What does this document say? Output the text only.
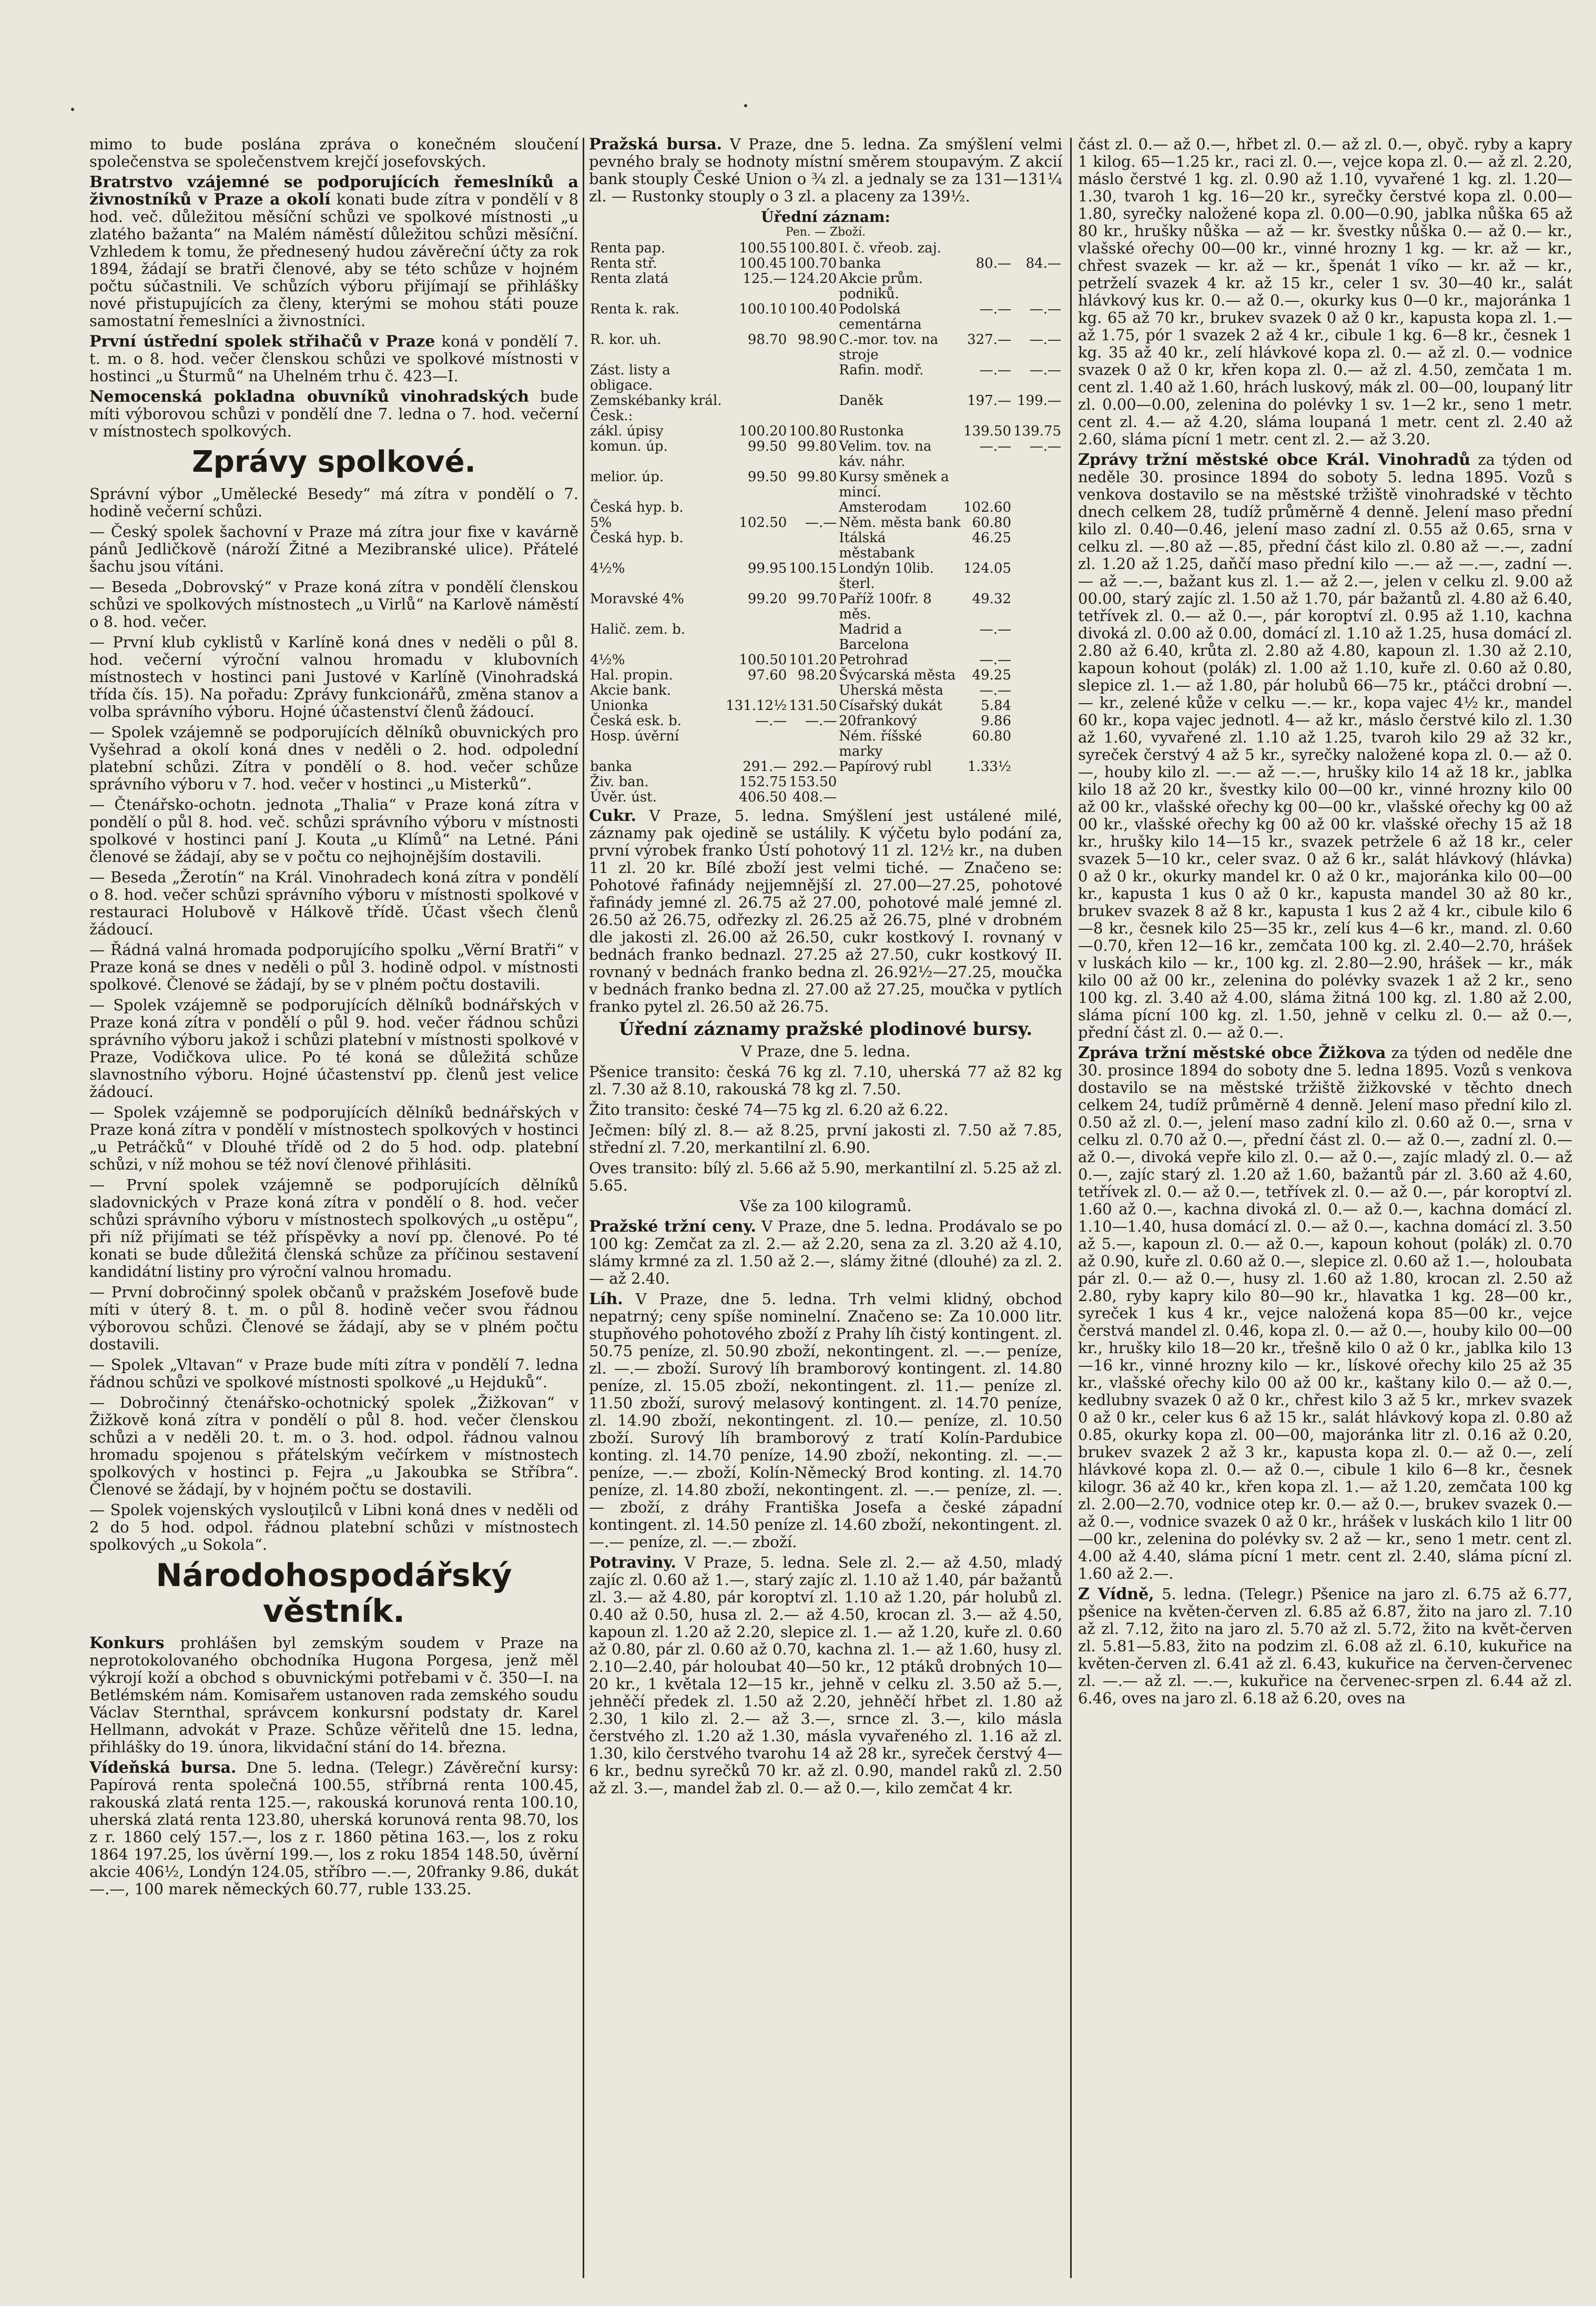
mimo to bude poslána zpráva o konečném sloučení společenstva se společenstvem krejčí josefovských.

Bratrstvo vzájemné se podporujících řemeslníků a živnostníků v Praze a okolí konati bude zítra v pondělí v 8 hod. več. důležitou měsíční schůzi ve spolkové místnosti „u zlatého bažanta“ na Malém náměstí důležitou schůzi měsíční. Vzhledem k tomu, že přednesený hudou závěreční účty za rok 1894, žádají se bratři členové, aby se této schůze v hojném počtu súčastnili. Ve schůzích výboru přijímají se přihlášky nové přistupujících za členy, kterými se mohou státi pouze samostatní řemeslníci a živnostníci.

První ústřední spolek střihačů v Praze koná v pondělí 7. t. m. o 8. hod. večer členskou schůzi ve spolkové místnosti v hostinci „u Šturmů“ na Uhelném trhu č. 423—I.

Nemocenská pokladna obuvníků vinohradských bude míti výborovou schůzi v pondělí dne 7. ledna o 7. hod. večerní v místnostech spolkových.

Zprávy spolkové.

Správní výbor „Umělecké Besedy“ má zítra v pondělí o 7. hodině večerní schůzi.

— Český spolek šachovní v Praze má zítra jour fixe v kavárně pánů Jedličkově (nároží Žitné a Mezibranské ulice). Přátelé šachu jsou vítáni.

— Beseda „Dobrovský“ v Praze koná zítra v pondělí členskou schůzi ve spolkových místnostech „u Virlů“ na Karlově náměstí o 8. hod. večer.

— První klub cyklistů v Karlíně koná dnes v neděli o půl 8. hod. večerní výroční valnou hromadu v klubovních místnostech v hostinci pani Justové v Karlíně (Vinohradská třída čís. 15). Na pořadu: Zprávy funkcionářů, změna stanov a volba správního výboru. Hojné účastenství členů žádoucí.

— Spolek vzájemně se podporujících dělníků obuvnických pro Vyšehrad a okolí koná dnes v neděli o 2. hod. odpolední platební schůzi. Zítra v pondělí o 8. hod. večer schůze správního výboru v 7. hod. večer v hostinci „u Misterků“.

— Čtenářsko-ochotn. jednota „Thalia“ v Praze koná zítra v pondělí o půl 8. hod. več. schůzi správního výboru v místnosti spolkové v hostinci paní J. Kouta „u Klímů“ na Letné. Páni členové se žádají, aby se v počtu co nejhojnějším dostavili.

— Beseda „Žerotín“ na Král. Vinohradech koná zítra v pondělí o 8. hod. večer schůzi správního výboru v místnosti spolkové v restauraci Holubově v Hálkově třídě. Účast všech členů žádoucí.

— Řádná valná hromada podporujícího spolku „Věrní Bratři“ v Praze koná se dnes v neděli o půl 3. hodině odpol. v místnosti spolkové. Členové se žádají, by se v plném počtu dostavili.

— Spolek vzájemně se podporujících dělníků bodnářských v Praze koná zítra v pondělí o půl 9. hod. večer řádnou schůzi správního výboru jakož i schůzi platební v místnosti spolkové v Praze, Vodičkova ulice. Po té koná se důležitá schůze slavnostního výboru. Hojné účastenství pp. členů jest velice žádoucí.

— Spolek vzájemně se podporujících dělníků bednářských v Praze koná zítra v pondělí v místnostech spolkových v hostinci „u Petráčků“ v Dlouhé třídě od 2 do 5 hod. odp. platební schůzi, v níž mohou se též noví členové přihlásiti.

— První spolek vzájemně se podporujících dělníků sladovnických v Praze koná zítra v pondělí o 8. hod. večer schůzi správního výboru v místnostech spolkových „u ostěpu“, při níž přijímati se též příspěvky a noví pp. členové. Po té konati se bude důležitá členská schůze za příčinou sestavení kandidátní listiny pro výroční valnou hromadu.

— První dobročinný spolek občanů v pražském Josefově bude míti v úterý 8. t. m. o půl 8. hodině večer svou řádnou výborovou schůzi. Členové se žádají, aby se v plném počtu dostavili.

— Spolek „Vltavan“ v Praze bude míti zítra v pondělí 7. ledna řádnou schůzi ve spolkové místnosti spolkové „u Hejduků“.

— Dobročinný čtenářsko-ochotnický spolek „Žižkovan“ v Žižkově koná zítra v pondělí o půl 8. hod. večer členskou schůzi a v neděli 20. t. m. o 3. hod. odpol. řádnou valnou hromadu spojenou s přátelským večírkem v místnostech spolkových v hostinci p. Fejra „u Jakoubka se Stříbra“. Členové se žádají, by v hojném počtu se dostavili.

— Spolek vojenských vyslouţilců v Libni koná dnes v neděli od 2 do 5 hod. odpol. řádnou platební schůzi v místnostech spolkových „u Sokola“.

Národohospodářský věstník.

Konkurs prohlášen byl zemským soudem v Praze na neprotokolovaného obchodníka Hugona Porgesa, jenž měl výkrojí koží a obchod s obuvnickými potřebami v č. 350—I. na Betlémském nám. Komisařem ustanoven rada zemského soudu Václav Sternthal, správcem konkursní podstaty dr. Karel Hellmann, advokát v Praze. Schůze věřitelů dne 15. ledna, přihlášky do 19. února, likvidační stání do 14. března.

Vídeňská bursa. Dne 5. ledna. (Telegr.) Závěreční kursy: Papírová renta společná 100.55, stříbrná renta 100.45, rakouská zlatá renta 125.—, rakouská korunová renta 100.10, uherská zlatá renta 123.80, uherská korunová renta 98.70, los z r. 1860 celý 157.—, los z r. 1860 pětina 163.—, los z roku 1864 197.25, los úvěrní 199.—, los z roku 1854 148.50, úvěrní akcie 406½, Londýn 124.05, stříbro —.—, 20franky 9.86, dukát —.—, 100 marek německých 60.77, ruble 133.25.

Pražská bursa. V Praze, dne 5. ledna. Za smýšlení velmi pevného braly se hodnoty místní směrem stoupavým. Z akcií bank stouply České Union o ¾ zl. a jednaly se za 131—131¼ zl. — Rustonky stouply o 3 zl. a placeny za 139½.

Úřední záznam:
Pen. — Zboží.
Renta pap.	100.55	100.80	I. č. vřeob. zaj.		
Renta stř.	100.45	100.70	banka	80.—	84.—
Renta zlatá	125.—	124.20	Akcie prům. podniků.		
Renta k. rak.	100.10	100.40	Podolská cementárna	—.—	—.—
R. kor. uh.	98.70	98.90	C.-mor. tov. na stroje	327.—	—.—
Zást. listy a obligace.			Rafin. modř.	—.—	—.—
Zemskébanky král. Česk.:			Daněk	197.—	199.—
zákl. úpisy	100.20	100.80	Rustonka	139.50	139.75
komun. úp.	99.50	99.80	Velim. tov. na káv. náhr.	—.—	—.—
melior. úp.	99.50	99.80	Kursy směnek a mincí.		
Česká hyp. b.			Amsterodam	102.60	
5%	102.50	—.—	Něm. města bank	60.80	
Česká hyp. b.			Itálská městabank	46.25	
4½%	99.95	100.15	Londýn 10lib. šterl.	124.05	
Moravské 4%	99.20	99.70	Paříž 100fr. 8 měs.	49.32	
Halič. zem. b.			Madrid a Barcelona	—.—	
4½%	100.50	101.20	Petrohrad	—.—	
Hal. propin.	97.60	98.20	Švýcarská města	49.25	
Akcie bank.			Uherská města	—.—	
Unionka	131.12½	131.50	Císařský dukát	5.84	
Česká esk. b.	—.—	—.—	20frankový	9.86	
Hosp. úvěrní			Ném. říšské marky	60.80	
banka	291.—	292.—	Papírový rubl	1.33½	
Živ. ban.	152.75	153.50			
Úvěr. úst.	406.50	408.—			

Cukr. V Praze, 5. ledna. Smýšlení jest ustálené milé, záznamy pak ojedině se ustálily. K výčetu bylo podání za, první výrobek franko Ústí pohotový 11 zl. 12½ kr., na duben 11 zl. 20 kr. Bílé zboží jest velmi tiché. — Značeno se: Pohotové řafinády nejjemnější zl. 27.00—27.25, pohotové řafinády jemné zl. 26.75 až 27.00, pohotové malé jemné zl. 26.50 až 26.75, odřezky zl. 26.25 až 26.75, plné v drobném dle jakosti zl. 26.00 až 26.50, cukr kostkový I. rovnaný v bednách franko bednazl. 27.25 až 27.50, cukr kostkový II. rovnaný v bednách franko bedna zl. 26.92½—27.25, moučka v bednách franko bedna zl. 27.00 až 27.25, moučka v pytlích franko pytel zl. 26.50 až 26.75.

Úřední záznamy pražské plodinové bursy.

V Praze, dne 5. ledna.

Pšenice transito: česká 76 kg zl. 7.10, uherská 77 až 82 kg zl. 7.30 až 8.10, rakouská 78 kg zl. 7.50.

Žito transito: české 74—75 kg zl. 6.20 až 6.22.

Ječmen: bílý zl. 8.— až 8.25, první jakosti zl. 7.50 až 7.85, střední zl. 7.20, merkantilní zl. 6.90.

Oves transito: bílý zl. 5.66 až 5.90, merkantilní zl. 5.25 až zl. 5.65.

Vše za 100 kilogramů.

Pražské tržní ceny. V Praze, dne 5. ledna. Prodávalo se po 100 kg: Zemčat za zl. 2.— až 2.20, sena za zl. 3.20 až 4.10, slámy krmné za zl. 1.50 až 2.—, slámy žitné (dlouhé) za zl. 2.— až 2.40.

Líh. V Praze, dne 5. ledna. Trh velmi klidný, obchod nepatrný; ceny spíše nominelní. Značeno se: Za 10.000 litr. stupňového pohotového zboží z Prahy líh čistý kontingent. zl. 50.75 peníze, zl. 50.90 zboží, nekontingent. zl. —.— peníze, zl. —.— zboží. Surový líh bramborový kontingent. zl. 14.80 peníze, zl. 15.05 zboží, nekontingent. zl. 11.— peníze zl. 11.50 zboží, surový melasový kontingent. zl. 14.70 peníze, zl. 14.90 zboží, nekontingent. zl. 10.— peníze, zl. 10.50 zboží. Surový líh bramborový z tratí Kolín-Pardubice konting. zl. 14.70 peníze, 14.90 zboží, nekonting. zl. —.— peníze, —.— zboží, Kolín-Německý Brod konting. zl. 14.70 peníze, zl. 14.80 zboží, nekontingent. zl. —.— peníze, zl. —.— zboží, z dráhy Františka Josefa a české západní kontingent. zl. 14.50 peníze zl. 14.60 zboží, nekontingent. zl. —.— peníze, zl. —.— zboží.

Potraviny. V Praze, 5. ledna. Sele zl. 2.— až 4.50, mladý zajíc zl. 0.60 až 1.—, starý zajíc zl. 1.10 až 1.40, pár bažantů zl. 3.— až 4.80, pár koroptví zl. 1.10 až 1.20, pár holubů zl. 0.40 až 0.50, husa zl. 2.— až 4.50, krocan zl. 3.— až 4.50, kapoun zl. 1.20 až 2.20, slepice zl. 1.— až 1.20, kuře zl. 0.60 až 0.80, pár zl. 0.60 až 0.70, kachna zl. 1.— až 1.60, husy zl. 2.10—2.40, pár holoubat 40—50 kr., 12 ptáků drobných 10—20 kr., 1 květala 12—15 kr., jehně v celku zl. 3.50 až 5.—, jehněčí předek zl. 1.50 až 2.20, jehněčí hřbet zl. 1.80 až 2.30, 1 kilo zl. 2.— až 3.—, srnce zl. 3.—, kilo másla čerstvého zl. 1.20 až 1.30, másla vyvařeného zl. 1.16 až zl. 1.30, kilo čerstvého tvarohu 14 až 28 kr., syreček čerstvý 4—6 kr., bednu syrečků 70 kr. až zl. 0.90, mandel raků zl. 2.50 až zl. 3.—, mandel žab zl. 0.— až 0.—, kilo zemčat 4 kr.

část zl. 0.— až 0.—, hřbet zl. 0.— až zl. 0.—, obyč. ryby a kapry 1 kilog. 65—1.25 kr., raci zl. 0.—, vejce kopa zl. 0.— až zl. 2.20, máslo čerstvé 1 kg. zl. 0.90 až 1.10, vyvařené 1 kg. zl. 1.20—1.30, tvaroh 1 kg. 16—20 kr., syrečky čerstvé kopa zl. 0.00—1.80, syrečky naložené kopa zl. 0.00—0.90, jablka nůška 65 až 80 kr., hrušky nůška — až — kr. švestky nůška 0.— až 0.— kr., vlašské ořechy 00—00 kr., vinné hrozny 1 kg. — kr. až — kr., chřest svazek — kr. až — kr., špenát 1 víko — kr. až — kr., petrželí svazek 4 kr. až 15 kr., celer 1 sv. 30—40 kr., salát hlávkový kus kr. 0.— až 0.—, okurky kus 0—0 kr., majoránka 1 kg. 65 až 70 kr., brukev svazek 0 až 0 kr., kapusta kopa zl. 1.— až 1.75, pór 1 svazek 2 až 4 kr., cibule 1 kg. 6—8 kr., česnek 1 kg. 35 až 40 kr., zelí hlávkové kopa zl. 0.— až zl. 0.— vodnice svazek 0 až 0 kr, křen kopa zl. 0.— až zl. 4.50, zemčata 1 m. cent zl. 1.40 až 1.60, hrách luskový, mák zl. 00—00, loupaný litr zl. 0.00—0.00, zelenina do polévky 1 sv. 1—2 kr., seno 1 metr. cent zl. 4.— až 4.20, sláma loupaná 1 metr. cent zl. 2.40 až 2.60, sláma pícní 1 metr. cent zl. 2.— až 3.20.

Zprávy tržní městské obce Král. Vinohradů za týden od neděle 30. prosince 1894 do soboty 5. ledna 1895. Vozů s venkova dostavilo se na městské tržiště vinohradské v těchto dnech celkem 28, tudíž průměrně 4 denně. Jelení maso přední kilo zl. 0.40—0.46, jelení maso zadní zl. 0.55 až 0.65, srna v celku zl. —.80 až —.85, přední část kilo zl. 0.80 až —.—, zadní zl. 1.20 až 1.25, daňčí maso přední kilo —.— až —.—, zadní —.— až —.—, bažant kus zl. 1.— až 2.—, jelen v celku zl. 9.00 až 00.00, starý zajíc zl. 1.50 až 1.70, pár bažantů zl. 4.80 až 6.40, tetřívek zl. 0.— až 0.—, pár koroptví zl. 0.95 až 1.10, kachna divoká zl. 0.00 až 0.00, domácí zl. 1.10 až 1.25, husa domácí zl. 2.80 až 6.40, krůta zl. 2.80 až 4.80, kapoun zl. 1.30 až 2.10, kapoun kohout (polák) zl. 1.00 až 1.10, kuře zl. 0.60 až 0.80, slepice zl. 1.— až 1.80, pár holubů 66—75 kr., ptáčci drobní —.— kr., zelené kůže v celku —.— kr., kopa vajec 4½ kr., mandel 60 kr., kopa vajec jednotl. 4— až kr., máslo čerstvé kilo zl. 1.30 až 1.60, vyvařené zl. 1.10 až 1.25, tvaroh kilo 29 až 32 kr., syreček čerstvý 4 až 5 kr., syrečky naložené kopa zl. 0.— až 0.—, houby kilo zl. —.— až —.—, hrušky kilo 14 až 18 kr., jablka kilo 18 až 20 kr., švestky kilo 00—00 kr., vinné hrozny kilo 00 až 00 kr., vlašské ořechy kg 00—00 kr., vlašské ořechy kg 00 až 00 kr., vlašské ořechy kg 00 až 00 kr. vlašské ořechy 15 až 18 kr., hrušky kilo 14—15 kr., svazek petržele 6 až 18 kr., celer svazek 5—10 kr., celer svaz. 0 až 6 kr., salát hlávkový (hlávka) 0 až 0 kr., okurky mandel kr. 0 až 0 kr., majoránka kilo 00—00 kr., kapusta 1 kus 0 až 0 kr., kapusta mandel 30 až 80 kr., brukev svazek 8 až 8 kr., kapusta 1 kus 2 až 4 kr., cibule kilo 6—8 kr., česnek kilo 25—35 kr., zelí kus 4—6 kr., mand. zl. 0.60—0.70, křen 12—16 kr., zemčata 100 kg. zl. 2.40—2.70, hrášek v luskách kilo — kr., 100 kg. zl. 2.80—2.90, hrášek — kr., mák kilo 00 až 00 kr., zelenina do polévky svazek 1 až 2 kr., seno 100 kg. zl. 3.40 až 4.00, sláma žitná 100 kg. zl. 1.80 až 2.00, sláma pícní 100 kg. zl. 1.50, jehně v celku zl. 0.— až 0.—, přední část zl. 0.— až 0.—.

Zpráva tržní městské obce Žižkova za týden od neděle dne 30. prosince 1894 do soboty dne 5. ledna 1895. Vozů s venkova dostavilo se na městské tržiště žižkovské v těchto dnech celkem 24, tudíž průměrně 4 denně. Jelení maso přední kilo zl. 0.50 až zl. 0.—, jelení maso zadní kilo zl. 0.60 až 0.—, srna v celku zl. 0.70 až 0.—, přední část zl. 0.— až 0.—, zadní zl. 0.— až 0.—, divoká vepře kilo zl. 0.— až 0.—, zajíc mladý zl. 0.— až 0.—, zajíc starý zl. 1.20 až 1.60, bažantů pár zl. 3.60 až 4.60, tetřívek zl. 0.— až 0.—, tetřívek zl. 0.— až 0.—, pár koroptví zl. 1.60 až 0.—, kachna divoká zl. 0.— až 0.—, kachna domácí zl. 1.10—1.40, husa domácí zl. 0.— až 0.—, kachna domácí zl. 3.50 až 5.—, kapoun zl. 0.— až 0.—, kapoun kohout (polák) zl. 0.70 až 0.90, kuře zl. 0.60 až 0.—, slepice zl. 0.60 až 1.—, holoubata pár zl. 0.— až 0.—, husy zl. 1.60 až 1.80, krocan zl. 2.50 až 2.80, ryby kapry kilo 80—90 kr., hlavatka 1 kg. 28—00 kr., syreček 1 kus 4 kr., vejce naložená kopa 85—00 kr., vejce čerstvá mandel zl. 0.46, kopa zl. 0.— až 0.—, houby kilo 00—00 kr., hrušky kilo 18—20 kr., třešně kilo 0 až 0 kr., jablka kilo 13—16 kr., vinné hrozny kilo — kr., lískové ořechy kilo 25 až 35 kr., vlašské ořechy kilo 00 až 00 kr., kaštany kilo 0.— až 0.—, kedlubny svazek 0 až 0 kr., chřest kilo 3 až 5 kr., mrkev svazek 0 až 0 kr., celer kus 6 až 15 kr., salát hlávkový kopa zl. 0.80 až 0.85, okurky kopa zl. 00—00, majoránka litr zl. 0.16 až 0.20, brukev svazek 2 až 3 kr., kapusta kopa zl. 0.— až 0.—, zelí hlávkové kopa zl. 0.— až 0.—, cibule 1 kilo 6—8 kr., česnek kilogr. 36 až 40 kr., křen kopa zl. 1.— až 1.20, zemčata 100 kg zl. 2.00—2.70, vodnice otep kr. 0.— až 0.—, brukev svazek 0.— až 0.—, vodnice svazek 0 až 0 kr., hrášek v luskách kilo 1 litr 00—00 kr., zelenina do polévky sv. 2 až — kr., seno 1 metr. cent zl. 4.00 až 4.40, sláma pícní 1 metr. cent zl. 2.40, sláma pícní zl. 1.60 až 2.—.

Z Vídně, 5. ledna. (Telegr.) Pšenice na jaro zl. 6.75 až 6.77, pšenice na květen-červen zl. 6.85 až 6.87, žito na jaro zl. 7.10 až zl. 7.12, žito na jaro zl. 5.70 až zl. 5.72, žito na květ-červen zl. 5.81—5.83, žito na podzim zl. 6.08 až zl. 6.10, kukuřice na květen-červen zl. 6.41 až zl. 6.43, kukuřice na červen-červenec zl. —.— až zl. —.—, kukuřice na červenec-srpen zl. 6.44 až zl. 6.46, oves na jaro zl. 6.18 až 6.20, oves na
